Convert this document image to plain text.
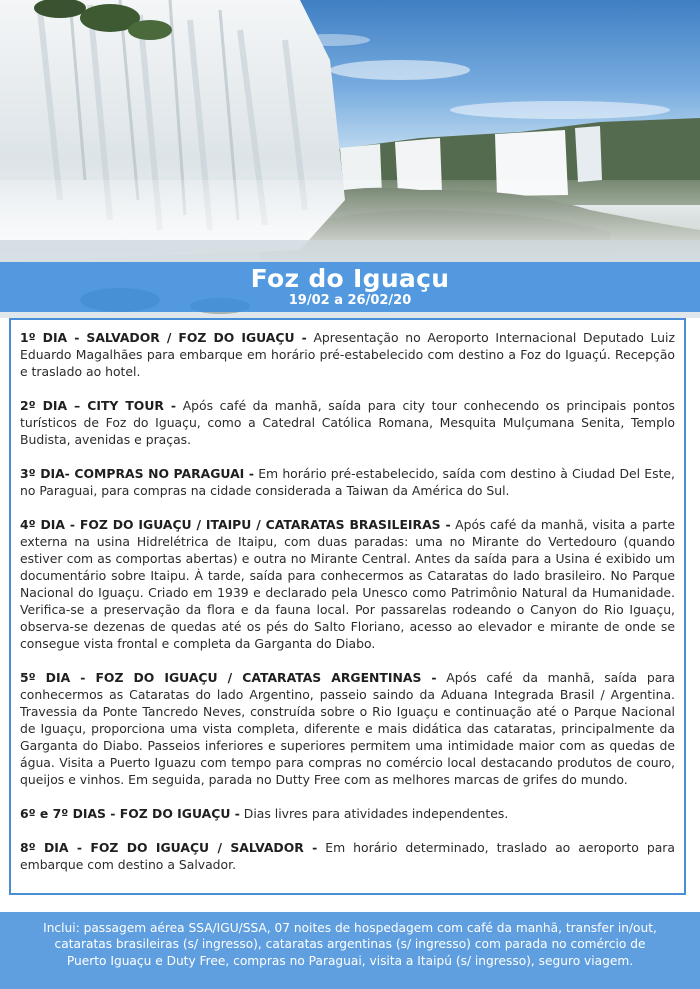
Foz do Iguaçu
19/02 a 26/02/20

1º DIA - SALVADOR / FOZ DO IGUAÇU - Apresentação no Aeroporto Internacional Deputado Luiz Eduardo Magalhães para embarque em horário pré-estabelecido com destino a Foz do Iguaçú. Recepção e traslado ao hotel.

2º DIA – CITY TOUR - Após café da manhã, saída para city tour conhecendo os principais pontos turísticos de Foz do Iguaçu, como a Catedral Católica Romana, Mesquita Mulçumana Senita, Templo Budista, avenidas e praças.

3º DIA- COMPRAS NO PARAGUAI - Em horário pré-estabelecido, saída com destino à Ciudad Del Este, no Paraguai, para compras na cidade considerada a Taiwan da América do Sul.

4º DIA - FOZ DO IGUAÇU / ITAIPU / CATARATAS BRASILEIRAS - Após café da manhã, visita a parte externa na usina Hidrelétrica de Itaipu, com duas paradas: uma no Mirante do Vertedouro (quando estiver com as comportas abertas) e outra no Mirante Central. Antes da saída para a Usina é exibido um documentário sobre Itaipu. À tarde, saída para conhecermos as Cataratas do lado brasileiro. No Parque Nacional do Iguaçu. Criado em 1939 e declarado pela Unesco como Patrimônio Natural da Humanidade. Verifica-se a preservação da flora e da fauna local. Por passarelas rodeando o Canyon do Rio Iguaçu, observa-se dezenas de quedas até os pés do Salto Floriano, acesso ao elevador e mirante de onde se consegue vista frontal e completa da Garganta do Diabo.

5º DIA - FOZ DO IGUAÇU / CATARATAS ARGENTINAS - Após café da manhã, saída para conhecermos as Cataratas do lado Argentino, passeio saindo da Aduana Integrada Brasil / Argentina. Travessia da Ponte Tancredo Neves, construída sobre o Rio Iguaçu e continuação até o Parque Nacional de Iguaçu, proporciona uma vista completa, diferente e mais didática das cataratas, principalmente da Garganta do Diabo. Passeios inferiores e superiores permitem uma intimidade maior com as quedas de água. Visita a Puerto Iguazu com tempo para compras no comércio local destacando produtos de couro, queijos e vinhos. Em seguida, parada no Dutty Free com as melhores marcas de grifes do mundo.

6º e 7º DIAS - FOZ DO IGUAÇU - Dias livres para atividades independentes.

8º DIA - FOZ DO IGUAÇU / SALVADOR - Em horário determinado, traslado ao aeroporto para embarque com destino a Salvador.

Inclui: passagem aérea SSA/IGU/SSA, 07 noites de hospedagem com café da manhã, transfer in/out, cataratas brasileiras (s/ ingresso), cataratas argentinas (s/ ingresso) com parada no comércio de Puerto Iguaçu e Duty Free, compras no Paraguai, visita a Itaipú (s/ ingresso), seguro viagem.
